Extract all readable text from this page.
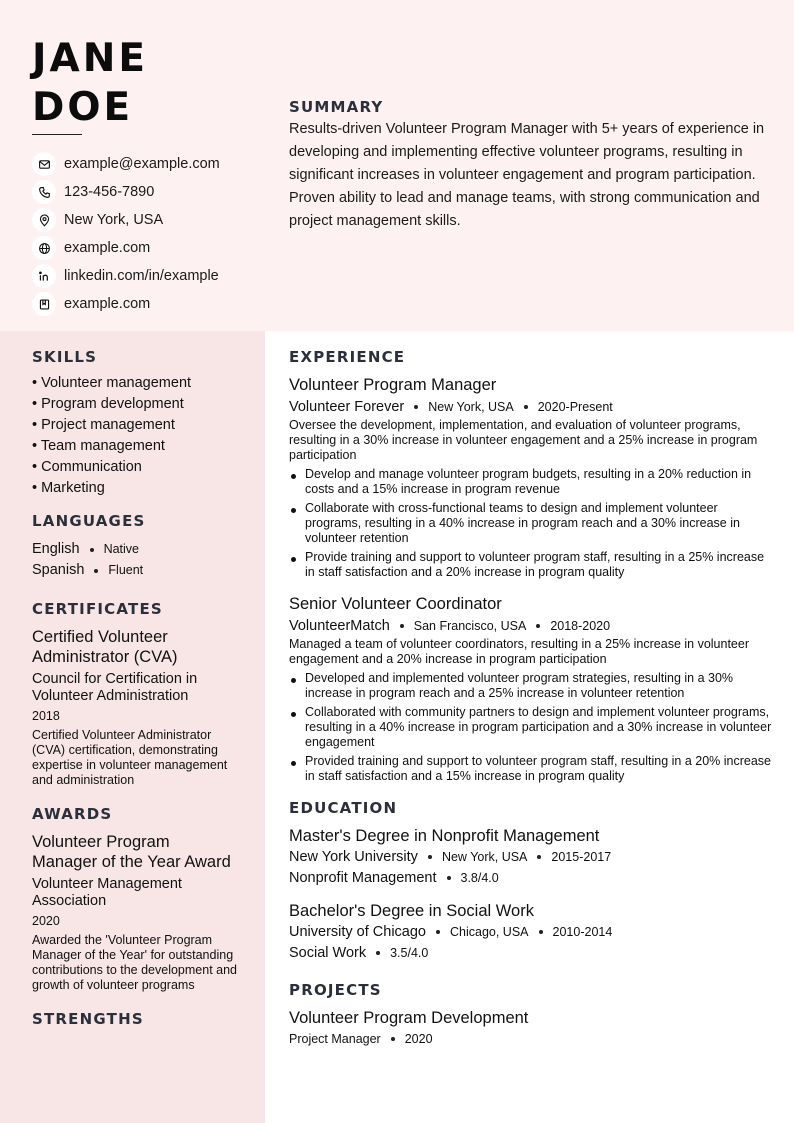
JANE
DOE
example@example.com
123-456-7890
New York, USA
example.com
linkedin.com/in/example
example.com
SUMMARY
Results-driven Volunteer Program Manager with 5+ years of experience in developing and implementing effective volunteer programs, resulting in significant increases in volunteer engagement and program participation. Proven ability to lead and manage teams, with strong communication and project management skills.
SKILLS
• Volunteer management
• Program development
• Project management
• Team management
• Communication
• Marketing
LANGUAGES
English Native
Spanish Fluent
CERTIFICATES
Certified Volunteer Administrator (CVA)
Council for Certification in Volunteer Administration
2018
Certified Volunteer Administrator (CVA) certification, demonstrating expertise in volunteer management and administration
AWARDS
Volunteer Program Manager of the Year Award
Volunteer Management Association
2020
Awarded the 'Volunteer Program Manager of the Year' for outstanding contributions to the development and growth of volunteer programs
STRENGTHS
EXPERIENCE
Volunteer Program Manager
Volunteer Forever New York, USA 2020-Present
Oversee the development, implementation, and evaluation of volunteer programs, resulting in a 30% increase in volunteer engagement and a 25% increase in program participation
Develop and manage volunteer program budgets, resulting in a 20% reduction in costs and a 15% increase in program revenue
Collaborate with cross-functional teams to design and implement volunteer programs, resulting in a 40% increase in program reach and a 30% increase in volunteer retention
Provide training and support to volunteer program staff, resulting in a 25% increase in staff satisfaction and a 20% increase in program quality
Senior Volunteer Coordinator
VolunteerMatch San Francisco, USA 2018-2020
Managed a team of volunteer coordinators, resulting in a 25% increase in volunteer engagement and a 20% increase in program participation
Developed and implemented volunteer program strategies, resulting in a 30% increase in program reach and a 25% increase in volunteer retention
Collaborated with community partners to design and implement volunteer programs, resulting in a 40% increase in program participation and a 30% increase in volunteer engagement
Provided training and support to volunteer program staff, resulting in a 20% increase in staff satisfaction and a 15% increase in program quality
EDUCATION
Master's Degree in Nonprofit Management
New York University New York, USA 2015-2017
Nonprofit Management 3.8/4.0
Bachelor's Degree in Social Work
University of Chicago Chicago, USA 2010-2014
Social Work 3.5/4.0
PROJECTS
Volunteer Program Development
Project Manager 2020
